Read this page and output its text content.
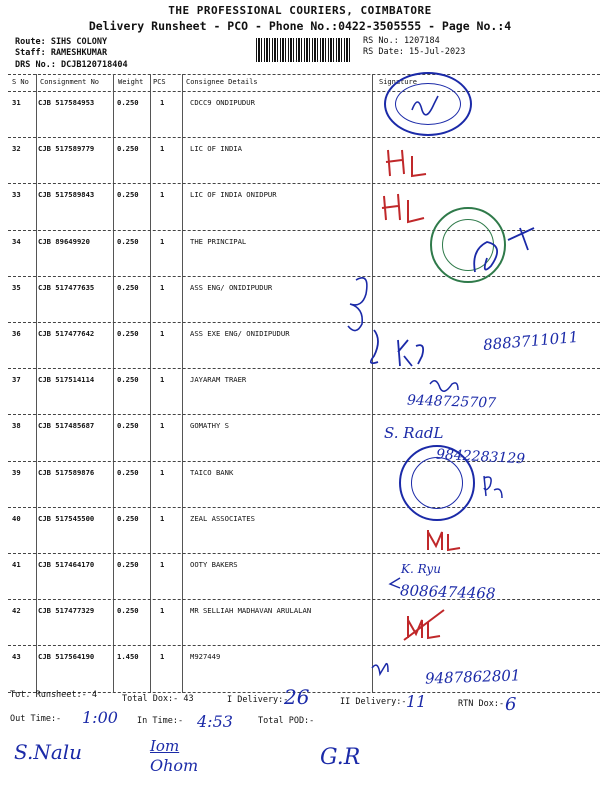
THE PROFESSIONAL COURIERS, COIMBATORE
Delivery Runsheet - PCO - Phone No.:0422-3505555 - Page No.:4
Route: SIHS COLONY
Staff: RAMESHKUMAR
DRS No.: DCJB120718404
RS No.: 1207184
RS Date: 15-Jul-2023
S No Consignment No	Weight PCS	Consignee Details	Signature
31 CJB 517584953	0.250	1	CDCC9 ONDIPUDUR
32 CJB 517589779	0.250	1	LIC OF INDIA
33 CJB 517589843	0.250	1	LIC OF INDIA ONIDPUR
34 CJB 89649920	0.250	1	THE PRINCIPAL
35 CJB 517477635	0.250	1	ASS ENG/ ONIDIPUDUR
36 CJB 517477642	0.250	1	ASS EXE ENG/ ONIDIPUDUR
37 CJB 517514114	0.250	1	JAYARAM TRAER
38 CJB 517485687	0.250	1	GOMATHY S
39 CJB 517589876	0.250	1	TAICO BANK
40 CJB 517545500	0.250	1	ZEAL ASSOCIATES
41 CJB 517464170	0.250	1	OOTY BAKERS
42 CJB 517477329	0.250	1	MR SELLIAH MADHAVAN ARULALAN
43 CJB 517564190	1.450	1	M927449
8883711011
9448725707
S. RadL
9842283129
K. Ryu
8086474468
9487862801
Tot. Runsheet:- 4	Total Dox:- 43	I Delivery:-
26	II Delivery:- 11	RTN Dox:- 6
Out Time:- 1:00 In Time:- 4:53	Total POD:-
S.Nalu	Iom
Ohom	G.R
